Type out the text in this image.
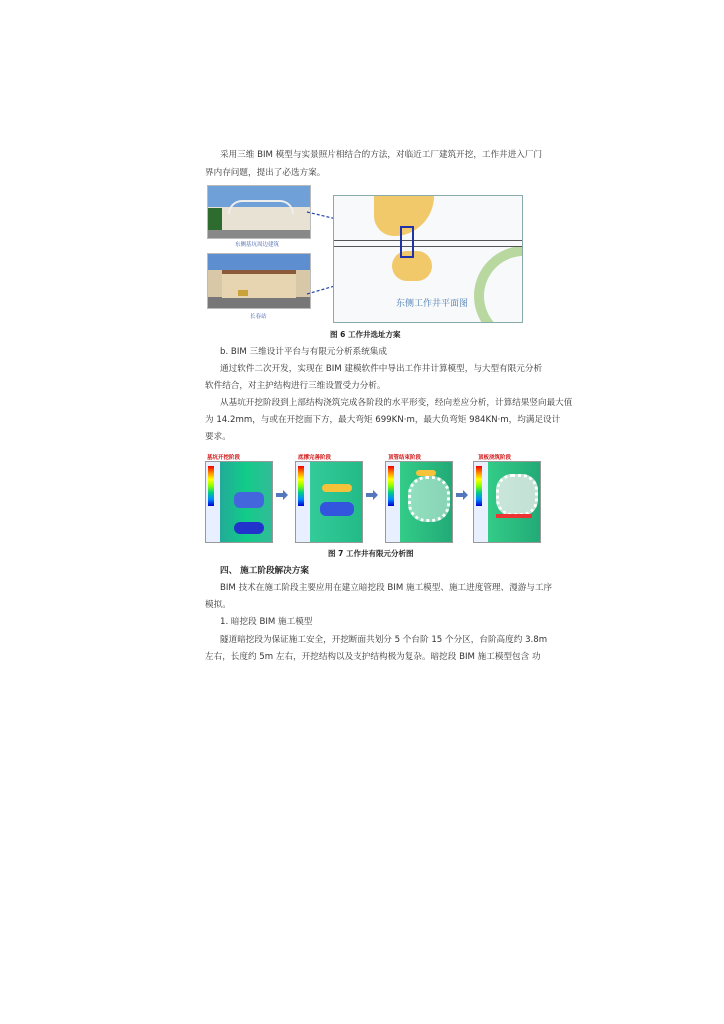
采用三维 BIM 模型与实景照片相结合的方法，对临近工厂建筑开挖，工作井进入厂门
界内存问题，提出了必选方案。
东侧基坑周边建筑
长春站
东侧工作井平面图
图 6 工作井选址方案
b. BIM 三维设计平台与有限元分析系统集成
通过软件二次开发，实现在 BIM 建模软件中导出工作井计算模型，与大型有限元分析
软件结合，对主护结构进行三维设置受力分析。
从基坑开挖阶段到上部结构浇筑完成各阶段的水平形变，经向差应分析，计算结果竖向最大值
为 14.2mm，与或在开挖面下方，最大弯矩 699KN·m，最大负弯矩 984KN·m，均满足设计
要求。
基坑开挖阶段	底撑完善阶段	顶管结束阶段	顶板浇筑阶段
图 7 工作井有限元分析图
四、 施工阶段解决方案
BIM 技术在施工阶段主要应用在建立暗挖段 BIM 施工模型、施工进度管理、漫游与工序
模拟。
1. 暗挖段 BIM 施工模型
隧道暗挖段为保证施工安全，开挖断面共划分 5 个台阶 15 个分区，台阶高度约 3.8m
左右，长度约 5m 左右，开挖结构以及支护结构极为复杂。暗挖段 BIM 施工模型包含 功
